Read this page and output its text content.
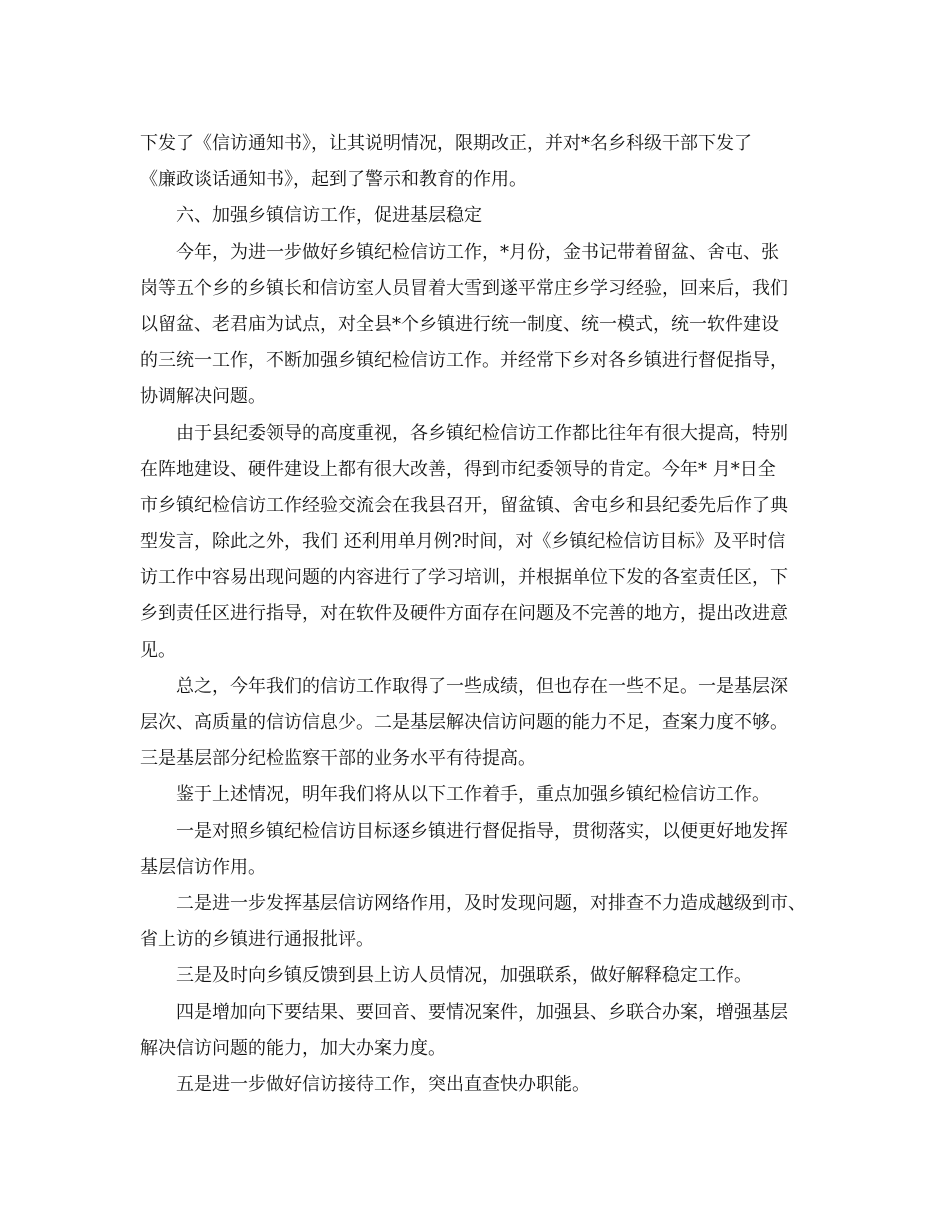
下发了《信访通知书》，让其说明情况，限期改正，并对*名乡科级干部下发了

《廉政谈话通知书》，起到了警示和教育的作用。

六、加强乡镇信访工作，促进基层稳定

今年，为进一步做好乡镇纪检信访工作，*月份，金书记带着留盆、舍屯、张

岗等五个乡的乡镇长和信访室人员冒着大雪到遂平常庄乡学习经验，回来后，我们

以留盆、老君庙为试点，对全县*个乡镇进行统一制度、统一模式，统一软件建设

的三统一工作，不断加强乡镇纪检信访工作。并经常下乡对各乡镇进行督促指导，

协调解决问题。

由于县纪委领导的高度重视，各乡镇纪检信访工作都比往年有很大提高，特别

在阵地建设、硬件建设上都有很大改善，得到市纪委领导的肯定。今年* 月*日全

市乡镇纪检信访工作经验交流会在我县召开，留盆镇、舍屯乡和县纪委先后作了典

型发言，除此之外，我们 还利用单月例?时间，对《乡镇纪检信访目标》及平时信

访工作中容易出现问题的内容进行了学习培训，并根据单位下发的各室责任区，下

乡到责任区进行指导，对在软件及硬件方面存在问题及不完善的地方，提出改进意

见。

总之，今年我们的信访工作取得了一些成绩，但也存在一些不足。一是基层深

层次、高质量的信访信息少。二是基层解决信访问题的能力不足，查案力度不够。

三是基层部分纪检监察干部的业务水平有待提高。

鉴于上述情况，明年我们将从以下工作着手，重点加强乡镇纪检信访工作。

一是对照乡镇纪检信访目标逐乡镇进行督促指导，贯彻落实，以便更好地发挥

基层信访作用。

二是进一步发挥基层信访网络作用，及时发现问题，对排查不力造成越级到市、

省上访的乡镇进行通报批评。

三是及时向乡镇反馈到县上访人员情况，加强联系，做好解释稳定工作。

四是增加向下要结果、要回音、要情况案件，加强县、乡联合办案，增强基层

解决信访问题的能力，加大办案力度。

五是进一步做好信访接待工作，突出直查快办职能。
